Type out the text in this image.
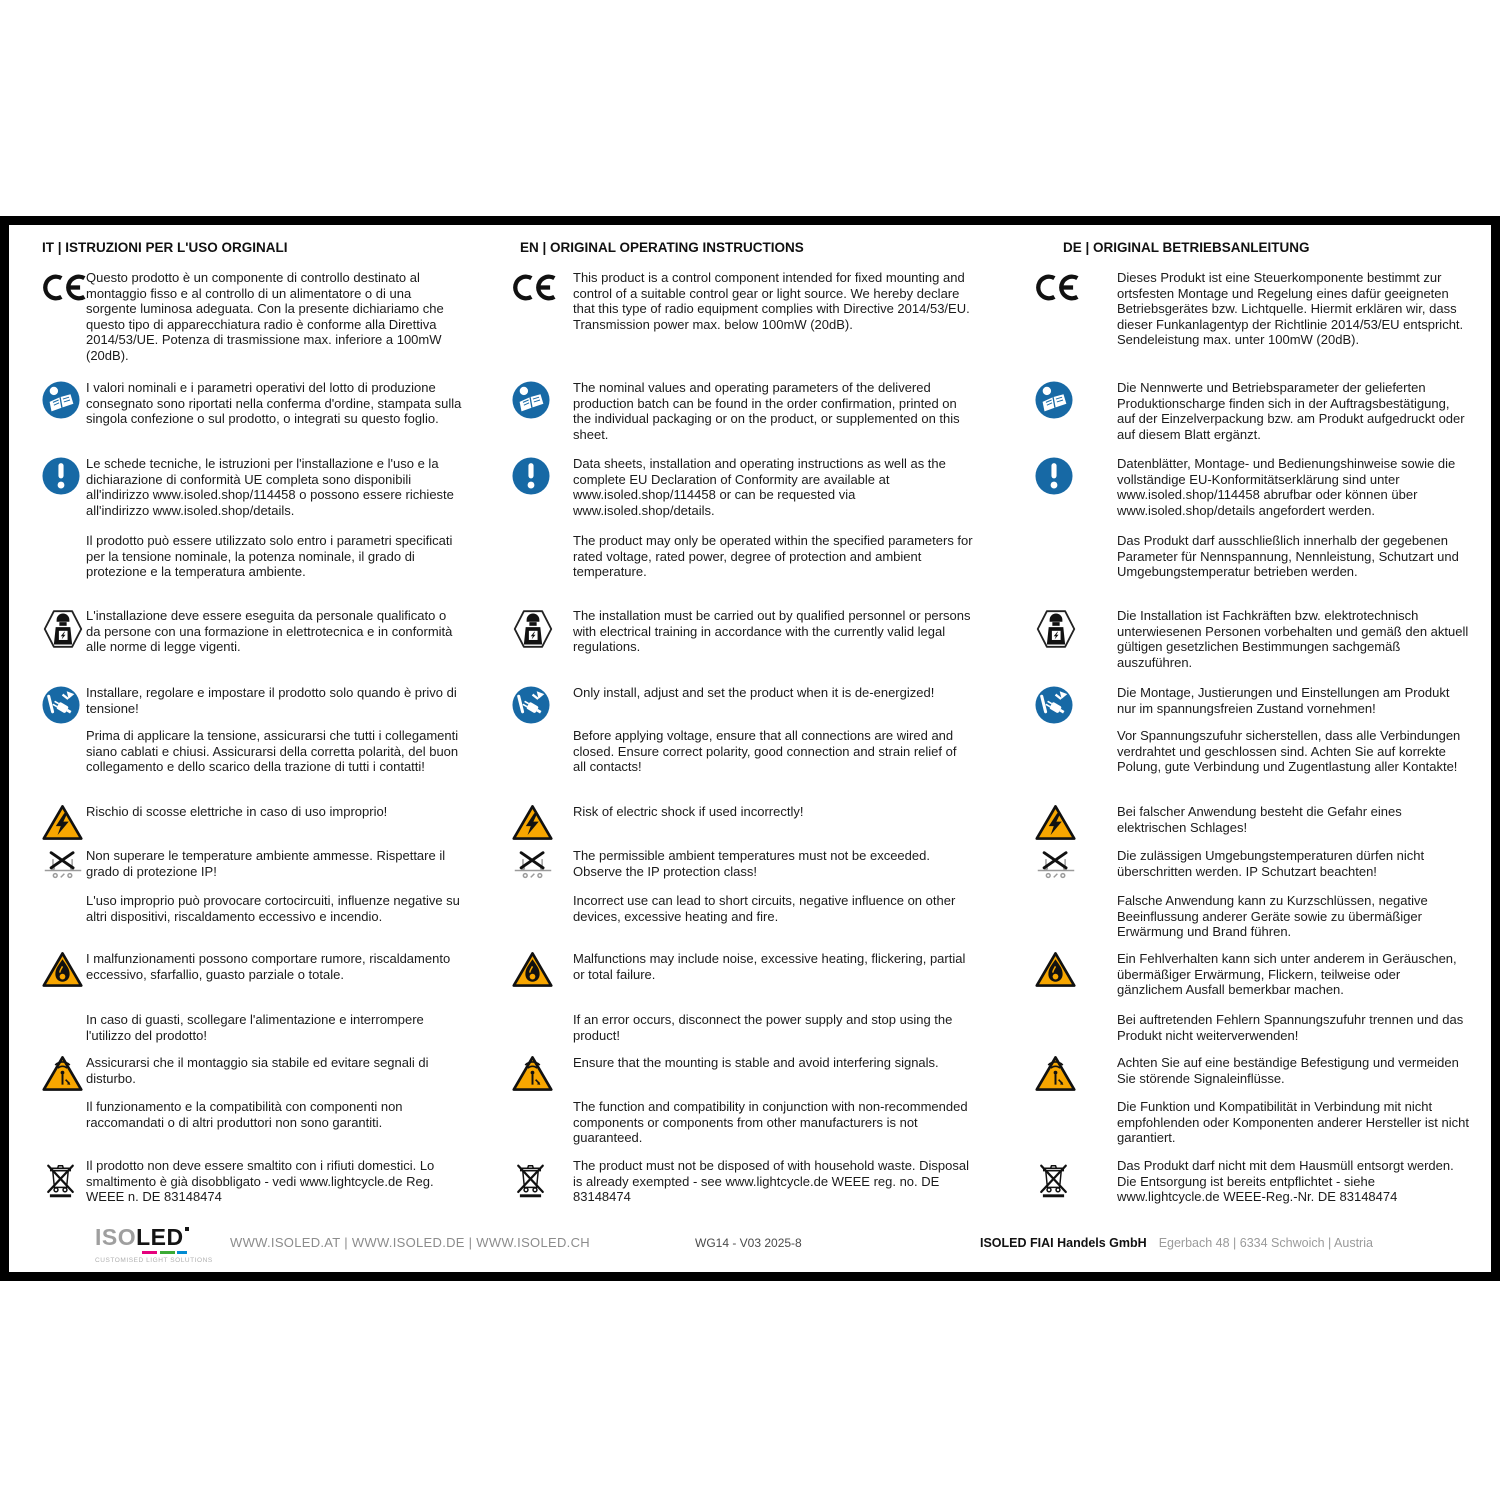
IT | ISTRUZIONI PER L'USO ORGINALI

Questo prodotto è un componente di controllo destinato al montaggio fisso e al controllo di un alimentatore o di una sorgente luminosa adeguata. Con la presente dichiariamo che questo tipo di apparecchiatura radio è conforme alla Direttiva 2014/53/UE. Potenza di trasmissione max. inferiore a 100mW (20dB).

I valori nominali e i parametri operativi del lotto di produzione consegnato sono riportati nella conferma d'ordine, stampata sulla singola confezione o sul prodotto, o integrati su questo foglio.

Le schede tecniche, le istruzioni per l'installazione e l'uso e la dichiarazione di conformità UE completa sono disponibili all'indirizzo www.isoled.shop/114458 o possono essere richieste all'indirizzo www.isoled.shop/details.

Il prodotto può essere utilizzato solo entro i parametri specificati per la tensione nominale, la potenza nominale, il grado di protezione e la temperatura ambiente.

L'installazione deve essere eseguita da personale qualificato o da persone con una formazione in elettrotecnica e in conformità alle norme di legge vigenti.

Installare, regolare e impostare il prodotto solo quando è privo di tensione!

Prima di applicare la tensione, assicurarsi che tutti i collegamenti siano cablati e chiusi. Assicurarsi della corretta polarità, del buon collegamento e dello scarico della trazione di tutti i contatti!

Rischio di scosse elettriche in caso di uso improprio!

Non superare le temperature ambiente ammesse. Rispettare il grado di protezione IP!

L'uso improprio può provocare cortocircuiti, influenze negative su altri dispositivi, riscaldamento eccessivo e incendio.

I malfunzionamenti possono comportare rumore, riscaldamento eccessivo, sfarfallio, guasto parziale o totale.

In caso di guasti, scollegare l'alimentazione e interrompere l'utilizzo del prodotto!

Assicurarsi che il montaggio sia stabile ed evitare segnali di disturbo.

Il funzionamento e la compatibilità con componenti non raccomandati o di altri produttori non sono garantiti.

Il prodotto non deve essere smaltito con i rifiuti domestici. Lo smaltimento è già disobbligato - vedi www.lightcycle.de Reg. WEEE n. DE 83148474

EN | ORIGINAL OPERATING INSTRUCTIONS

This product is a control component intended for fixed mounting and control of a suitable control gear or light source. We hereby declare that this type of radio equipment complies with Directive 2014/53/EU. Transmission power max. below 100mW (20dB).

The nominal values and operating parameters of the delivered production batch can be found in the order confirmation, printed on the individual packaging or on the product, or supplemented on this sheet.

Data sheets, installation and operating instructions as well as the complete EU Declaration of Conformity are available at www.isoled.shop/114458 or can be requested via www.isoled.shop/details.

The product may only be operated within the specified parameters for rated voltage, rated power, degree of protection and ambient temperature.

The installation must be carried out by qualified personnel or persons with electrical training in accordance with the currently valid legal regulations.

Only install, adjust and set the product when it is de-energized!

Before applying voltage, ensure that all connections are wired and closed. Ensure correct polarity, good connection and strain relief of all contacts!

Risk of electric shock if used incorrectly!

The permissible ambient temperatures must not be exceeded. Observe the IP protection class!

Incorrect use can lead to short circuits, negative influence on other devices, excessive heating and fire.

Malfunctions may include noise, excessive heating, flickering, partial or total failure.

If an error occurs, disconnect the power supply and stop using the product!

Ensure that the mounting is stable and avoid interfering signals.

The function and compatibility in conjunction with non-recommended components or components from other manufacturers is not guaranteed.

The product must not be disposed of with household waste. Disposal is already exempted - see www.lightcycle.de WEEE reg. no. DE 83148474

DE | ORIGINAL BETRIEBSANLEITUNG

Dieses Produkt ist eine Steuerkomponente bestimmt zur ortsfesten Montage und Regelung eines dafür geeigneten Betriebsgerätes bzw. Lichtquelle. Hiermit erklären wir, dass dieser Funkanlagentyp der Richtlinie 2014/53/EU entspricht. Sendeleistung max. unter 100mW (20dB).

Die Nennwerte und Betriebsparameter der gelieferten Produktionscharge finden sich in der Auftragsbestätigung, auf der Einzelverpackung bzw. am Produkt aufgedruckt oder auf diesem Blatt ergänzt.

Datenblätter, Montage- und Bedienungshinweise sowie die vollständige EU-Konformitätserklärung sind unter www.isoled.shop/114458 abrufbar oder können über www.isoled.shop/details angefordert werden.

Das Produkt darf ausschließlich innerhalb der gegebenen Parameter für Nennspannung, Nennleistung, Schutzart und Umgebungstemperatur betrieben werden.

Die Installation ist Fachkräften bzw. elektrotechnisch unterwiesenen Personen vorbehalten und gemäß den aktuell gültigen gesetzlichen Bestimmungen sachgemäß auszuführen.

Die Montage, Justierungen und Einstellungen am Produkt nur im spannungsfreien Zustand vornehmen!

Vor Spannungszufuhr sicherstellen, dass alle Verbindungen verdrahtet und geschlossen sind. Achten Sie auf korrekte Polung, gute Verbindung und Zugentlastung aller Kontakte!

Bei falscher Anwendung besteht die Gefahr eines elektrischen Schlages!

Die zulässigen Umgebungstemperaturen dürfen nicht überschritten werden. IP Schutzart beachten!

Falsche Anwendung kann zu Kurzschlüssen, negative Beeinflussung anderer Geräte sowie zu übermäßiger Erwärmung und Brand führen.

Ein Fehlverhalten kann sich unter anderem in Geräuschen, übermäßiger Erwärmung, Flickern, teilweise oder gänzlichem Ausfall bemerkbar machen.

Bei auftretenden Fehlern Spannungszufuhr trennen und das Produkt nicht weiterverwenden!

Achten Sie auf eine beständige Befestigung und vermeiden Sie störende Signaleinflüsse.

Die Funktion und Kompatibilität in Verbindung mit nicht empfohlenden oder Komponenten anderer Hersteller ist nicht garantiert.

Das Produkt darf nicht mit dem Hausmüll entsorgt werden. Die Entsorgung ist bereits entpflichtet - siehe www.lightcycle.de WEEE-Reg.-Nr. DE 83148474

ISOLED
CUSTOMISED LIGHT SOLUTIONS
WWW.ISOLED.AT | WWW.ISOLED.DE | WWW.ISOLED.CH	WG14 - V03 2025-8	ISOLED FIAI Handels GmbH Egerbach 48 | 6334 Schwoich | Austria
